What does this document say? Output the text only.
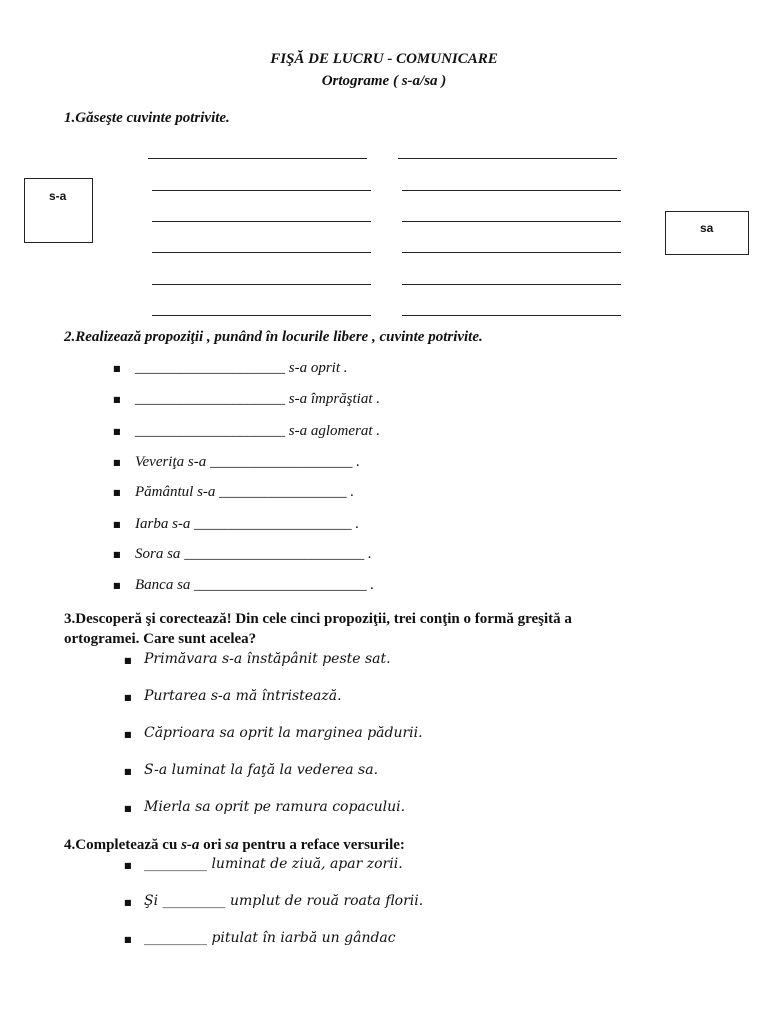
FIŞĂ DE LUCRU - COMUNICARE
Ortograme ( s-a/sa )
1.Găseşte cuvinte potrivite.
s-a
sa
2.Realizează propoziţii , punând în locurile libere , cuvinte potrivite.
■ ____________________ s-a oprit .
■ ____________________ s-a împrăştiat .
■ ____________________ s-a aglomerat .
■ Veveriţa s-a ___________________ .
■ Pământul s-a _________________ .
■ Iarba s-a _____________________ .
■ Sora sa ________________________ .
■ Banca sa _______________________ .
3.Descoperă şi corectează! Din cele cinci propoziţii, trei conţin o formă greşită a
ortogramei. Care sunt acelea?
■ Primăvara s-a înstăpânit peste sat.
■ Purtarea s-a mă întristează.
■ Căprioara sa oprit la marginea pădurii.
■ S-a luminat la faţă la vederea sa.
■ Mierla sa oprit pe ramura copacului.
4.Completează cu s-a ori sa pentru a reface versurile:
■ _________ luminat de ziuă, apar zorii.
■ Şi _________ umplut de rouă roata florii.
■ _________ pitulat în iarbă un gândac
